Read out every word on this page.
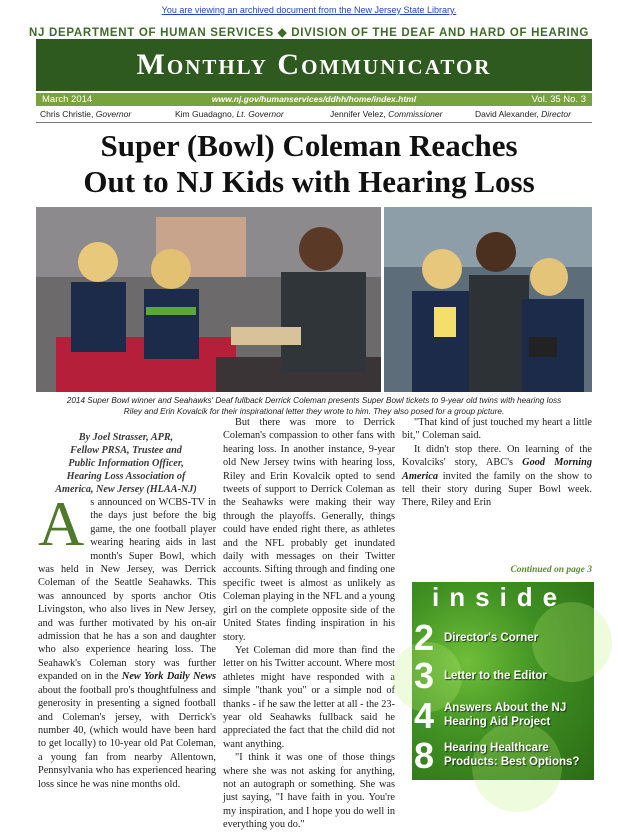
You are viewing an archived document from the New Jersey State Library.
NJ DEPARTMENT OF HUMAN SERVICES ◆ DIVISION OF THE DEAF AND HARD OF HEARING
Monthly Communicator
March 2014	www.nj.gov/humanservices/ddhh/home/index.html	Vol. 35 No. 3
Chris Christie, Governor	Kim Guadagno, Lt. Governor	Jennifer Velez, Commissioner	David Alexander, Director
Super (Bowl) Coleman Reaches
Out to NJ Kids with Hearing Loss
2014 Super Bowl winner and Seahawks' Deaf fullback Derrick Coleman presents Super Bowl tickets to 9-year old twins with hearing loss
Riley and Erin Kovalcik for their inspirational letter they wrote to him. They also posed for a group picture.
By Joel Strasser, APR,
Fellow PRSA, Trustee and
Public Information Officer,
Hearing Loss Association of
America, New Jersey (HLAA-NJ)

As announced on WCBS-TV in the days just before the big game, the one football player wearing hearing aids in last month's Super Bowl, which was held in New Jersey, was Derrick Coleman of the Seattle Seahawks. This was announced by sports anchor Otis Livingston, who also lives in New Jersey, and was further motivated by his on-air admission that he has a son and daughter who also experience hearing loss. The Seahawk's Coleman story was further expanded on in the New York Daily News about the football pro's thoughtfulness and generosity in presenting a signed football and Coleman's jersey, with Derrick's number 40, (which would have been hard to get locally) to 10-year old Pat Coleman, a young fan from nearby Allentown, Pennsylvania who has experienced hearing loss since he was nine months old.

But there was more to Derrick Coleman's compassion to other fans with hearing loss. In another instance, 9-year old New Jersey twins with hearing loss, Riley and Erin Kovalcik opted to send tweets of support to Derrick Coleman as the Seahawks were making their way through the playoffs. Generally, things could have ended right there, as athletes and the NFL probably get inundated daily with messages on their Twitter accounts. Sifting through and finding one specific tweet is almost as unlikely as Coleman playing in the NFL and a young girl on the complete opposite side of the United States finding inspiration in his story.

Yet Coleman did more than find the letter on his Twitter account. Where most athletes might have responded with a simple "thank you" or a simple nod of thanks - if he saw the letter at all - the 23-year old Seahawks fullback said he appreciated the fact that the child did not want anything.

"I think it was one of those things where she was not asking for anything, not an autograph or something. She was just saying, "I have faith in you. You're my inspiration, and I hope you do well in everything you do."

"That kind of just touched my heart a little bit," Coleman said.

It didn't stop there. On learning of the Kovalciks' story, ABC's Good Morning America invited the family on the show to tell their story during Super Bowl week. There, Riley and Erin

Continued on page 3
inside
2 Director's Corner
3 Letter to the Editor
4 Answers About the NJ
Hearing Aid Project
8 Hearing Healthcare
Products: Best Options?
